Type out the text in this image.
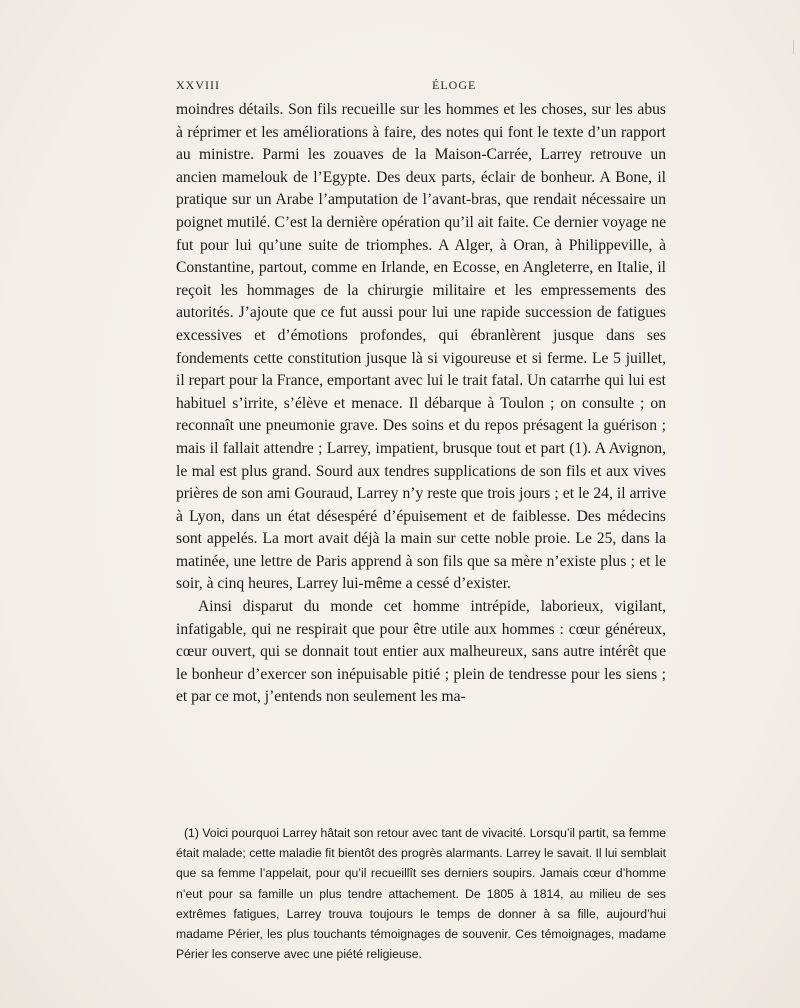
XXVIII	ÉLOGE

moindres détails. Son fils recueille sur les hommes et les choses, sur les abus à réprimer et les améliorations à faire, des notes qui font le texte d’un rapport au ministre. Parmi les zouaves de la Maison-Carrée, Larrey retrouve un ancien mamelouk de l’Egypte. Des deux parts, éclair de bonheur. A Bone, il pratique sur un Arabe l’amputation de l’avant-bras, que rendait nécessaire un poignet mutilé. C’est la dernière opération qu’il ait faite. Ce dernier voyage ne fut pour lui qu’une suite de triomphes. A Alger, à Oran, à Philippeville, à Constantine, partout, comme en Irlande, en Ecosse, en Angleterre, en Italie, il reçoit les hommages de la chirurgie militaire et les empressements des autorités. J’ajoute que ce fut aussi pour lui une rapide succession de fatigues excessives et d’émotions profondes, qui ébranlèrent jusque dans ses fondements cette constitution jusque là si vigoureuse et si ferme. Le 5 juillet, il repart pour la France, emportant avec lui le trait fatal. Un catarrhe qui lui est habituel s’irrite, s’élève et menace. Il débarque à Toulon ; on consulte ; on reconnaît une pneumonie grave. Des soins et du repos présagent la guérison ; mais il fallait attendre ; Larrey, impatient, brusque tout et part (1). A Avignon, le mal est plus grand. Sourd aux tendres supplications de son fils et aux vives prières de son ami Gouraud, Larrey n’y reste que trois jours ; et le 24, il arrive à Lyon, dans un état désespéré d’épuisement et de faiblesse. Des médecins sont appelés. La mort avait déjà la main sur cette noble proie. Le 25, dans la matinée, une lettre de Paris apprend à son fils que sa mère n’existe plus ; et le soir, à cinq heures, Larrey lui-même a cessé d’exister.

Ainsi disparut du monde cet homme intrépide, laborieux, vigilant, infatigable, qui ne respirait que pour être utile aux hommes : cœur généreux, cœur ouvert, qui se donnait tout entier aux malheureux, sans autre intérêt que le bonheur d’exercer son inépuisable pitié ; plein de tendresse pour les siens ; et par ce mot, j’entends non seulement les ma-

(1) Voici pourquoi Larrey hâtait son retour avec tant de vivacité. Lorsqu’il partit, sa femme était malade; cette maladie fit bientôt des progrès alarmants. Larrey le savait. Il lui semblait que sa femme l’appelait, pour qu’il recueillît ses derniers soupirs. Jamais cœur d’homme n’eut pour sa famille un plus tendre attachement. De 1805 à 1814, au milieu de ses extrêmes fatigues, Larrey trouva toujours le temps de donner à sa fille, aujourd’hui madame Périer, les plus touchants témoignages de souvenir. Ces témoignages, madame Périer les conserve avec une piété religieuse.
